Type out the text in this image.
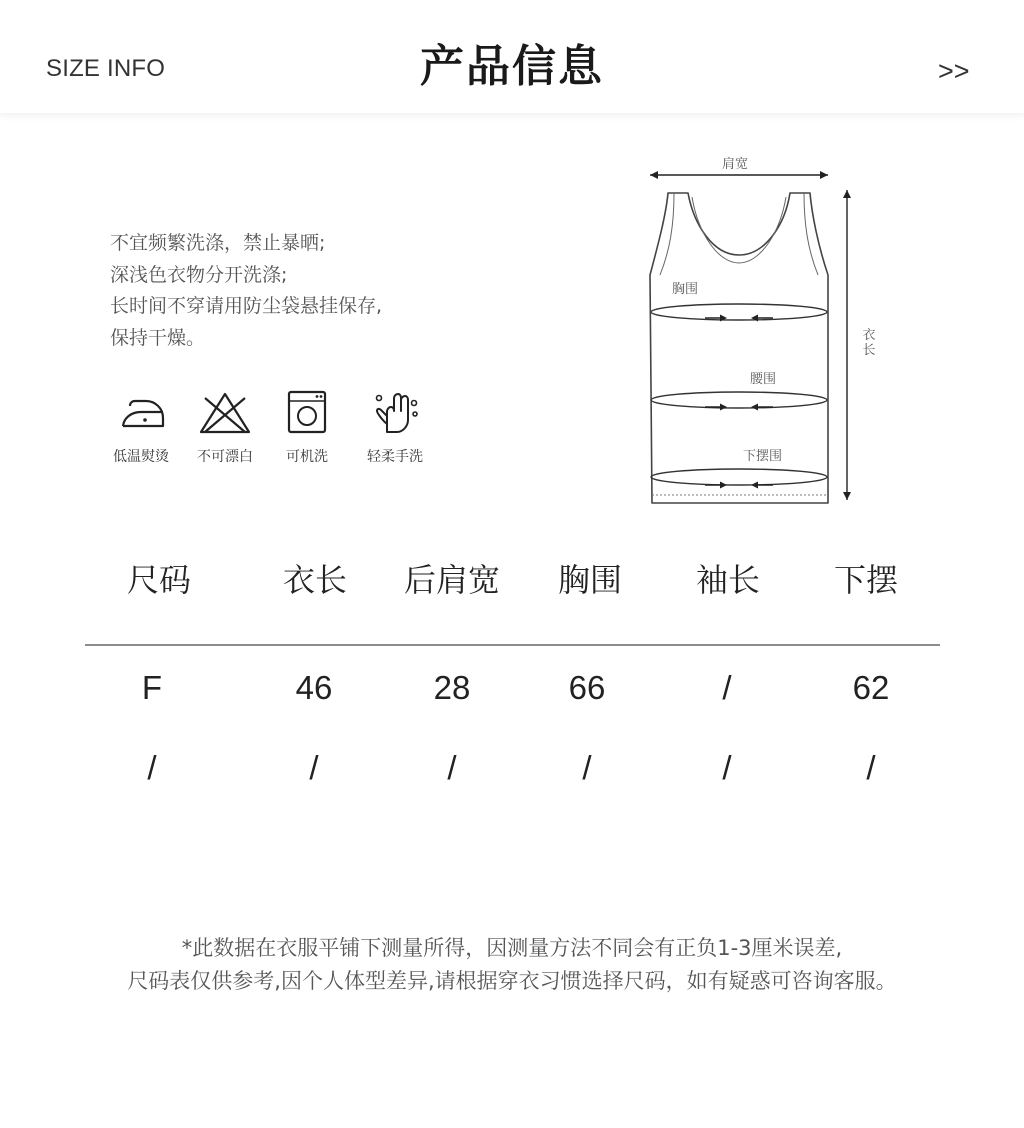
SIZE INFO	产品信息	>>
不宜频繁洗涤，禁止暴晒;
深浅色衣物分开洗涤;
长时间不穿请用防尘袋悬挂保存,
保持干燥。
低温熨烫	不可漂白	可机洗	轻柔手洗
肩宽
胸围
腰围
下摆围
衣长
尺码	衣长 后肩宽 胸围 袖长 下摆
F	46	28	66	/	62
/	/	/	/	/	/
*此数据在衣服平铺下测量所得，因测量方法不同会有正负1-3厘米误差,
尺码表仅供参考,因个人体型差异,请根据穿衣习惯选择尺码，如有疑惑可咨询客服。
